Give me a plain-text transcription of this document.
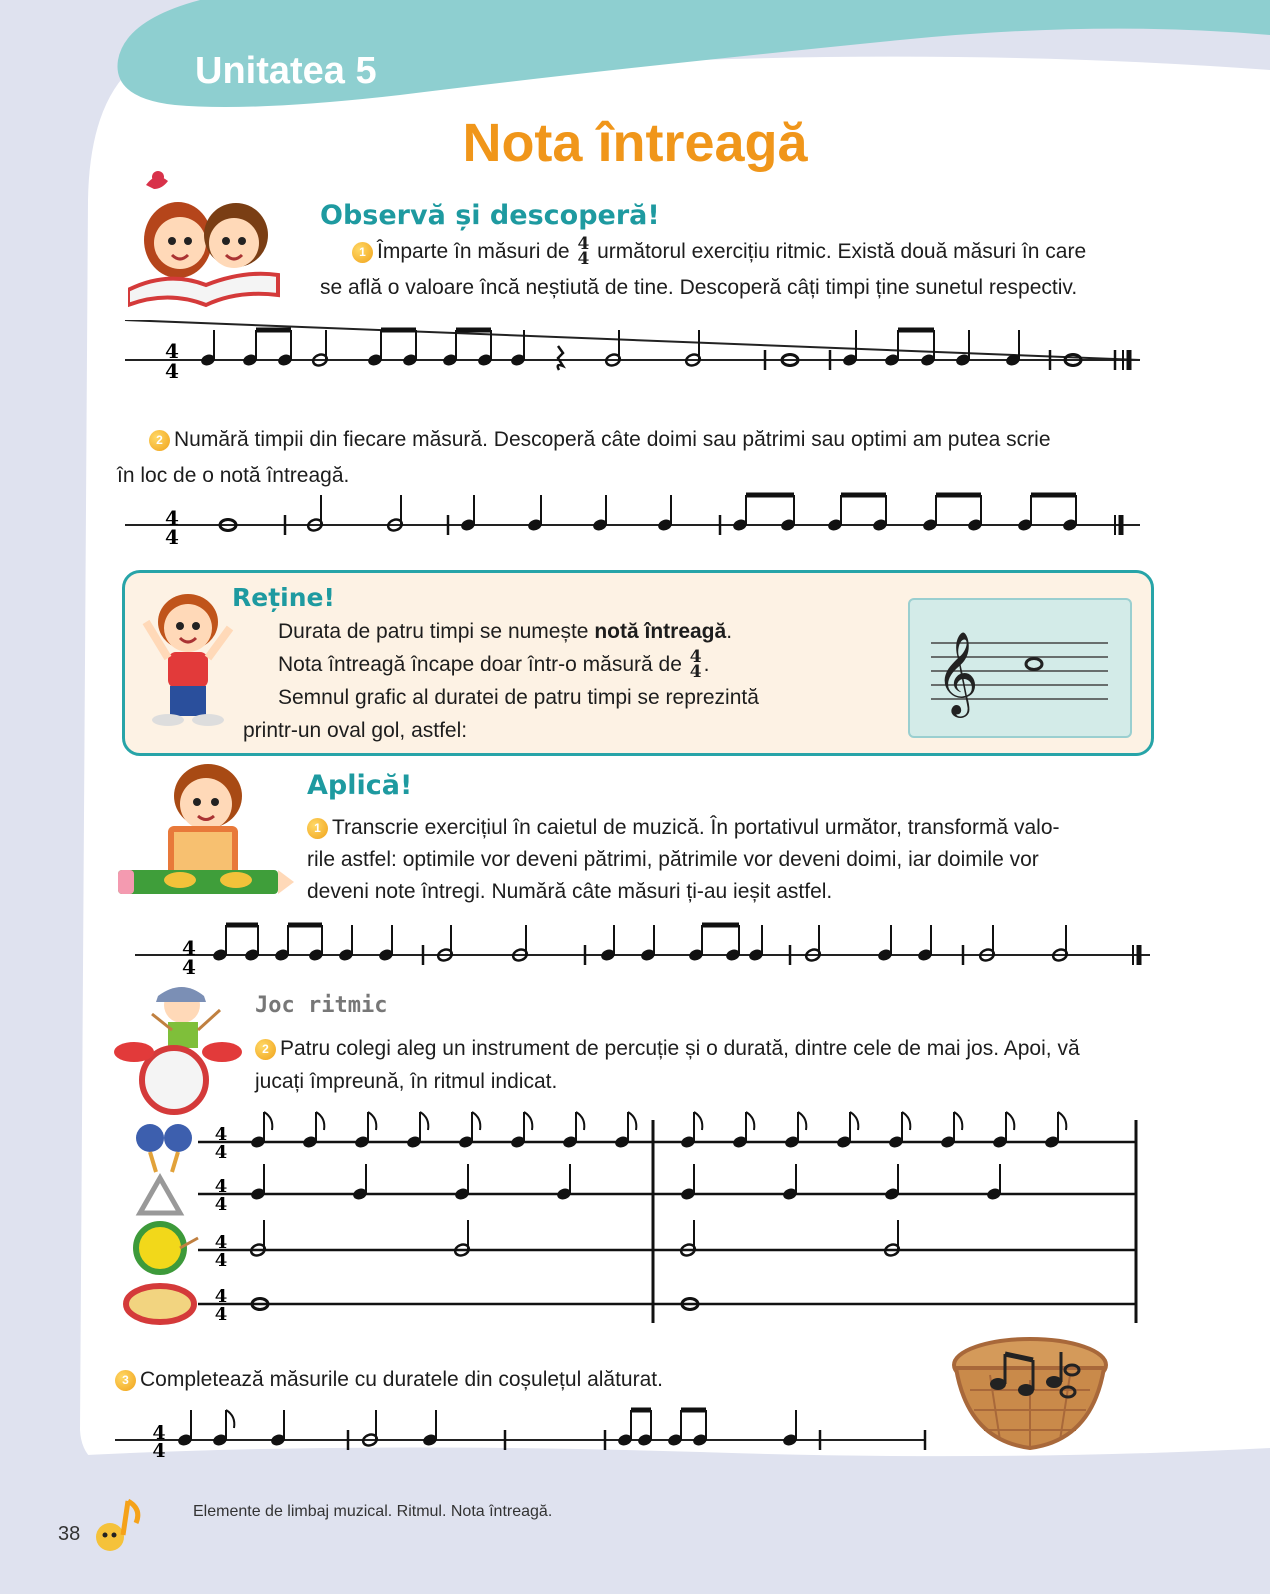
Unitatea 5
Nota întreagă
Observă și descoperă!
1 Împarte în măsuri de 4
4 următorul exercițiu ritmic. Există două măsuri în care
se află o valoare încă neștiută de tine. Descoperă câți timpi ține sunetul respectiv.
4
4
2 Numără timpii din fiecare măsură. Descoperă câte doimi sau pătrimi sau optimi am putea scrie
în loc de o notă întreagă.
4
4
Reține!
Durata de patru timpi se numește notă întreagă.
Nota întreagă încape doar într-o măsură de 4
4 .
Semnul grafic al duratei de patru timpi se reprezintă
printr-un oval gol, astfel:
𝄞
Aplică!
1 Transcrie exercițiul în caietul de muzică. În portativul următor, transformă valo-
rile astfel: optimile vor deveni pătrimi, pătrimile vor deveni doimi, iar doimile vor
deveni note întregi. Numără câte măsuri ți-au ieșit astfel.
4
4
Joc ritmic
2 Patru colegi aleg un instrument de percuție și o durată, dintre cele de mai jos. Apoi, vă
jucați împreună, în ritmul indicat.
4
4
4
4
4
4
4
4
3 Completează măsurile cu duratele din coșulețul alăturat.
4
4
38
Elemente de limbaj muzical. Ritmul. Nota întreagă.
